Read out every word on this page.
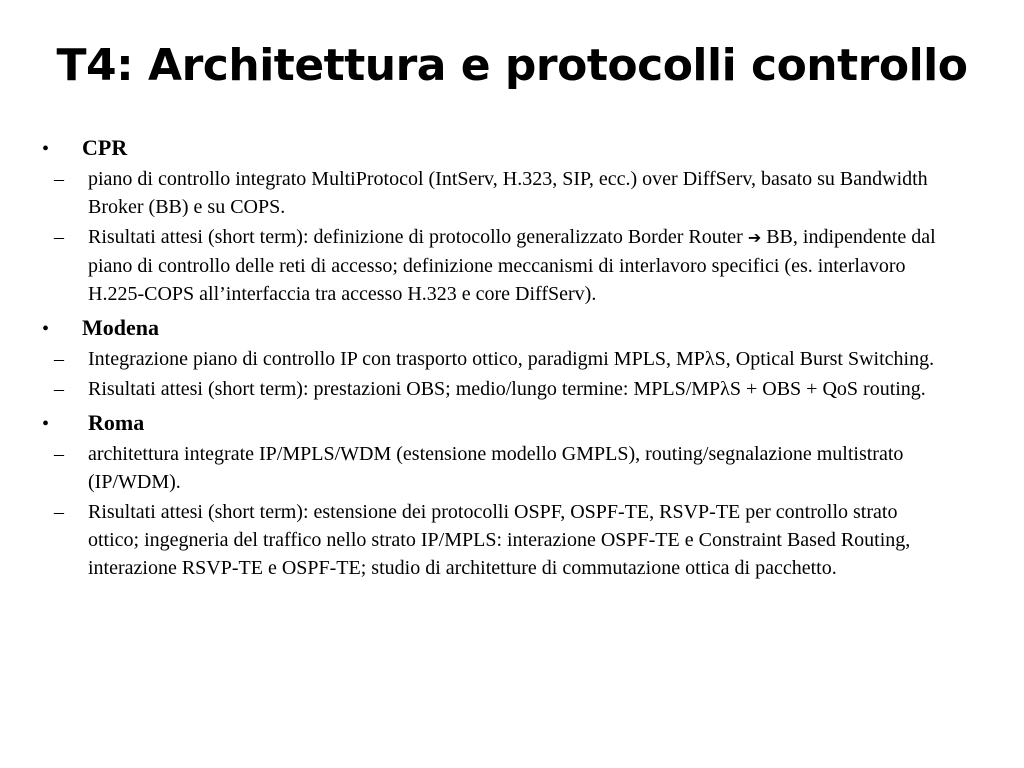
T4: Architettura e protocolli controllo
•	CPR
–	piano di controllo integrato MultiProtocol (IntServ, H.323, SIP, ecc.) over DiffServ, basato su Bandwidth Broker (BB) e su COPS.
–	Risultati attesi (short term): definizione di protocollo generalizzato Border Router ➔ BB, indipendente dal piano di controllo delle reti di accesso; definizione meccanismi di interlavoro specifici (es. interlavoro H.225-COPS all’interfaccia tra accesso H.323 e core DiffServ).
•	Modena
–	Integrazione piano di controllo IP con trasporto ottico, paradigmi MPLS, MPλS, Optical Burst Switching.
–	Risultati attesi (short term): prestazioni OBS; medio/lungo termine: MPLS/MPλS + OBS + QoS routing.
•	Roma
–	architettura integrate IP/MPLS/WDM (estensione modello GMPLS), routing/segnalazione multistrato (IP/WDM).
–	Risultati attesi (short term): estensione dei protocolli OSPF, OSPF-TE, RSVP-TE per controllo strato ottico; ingegneria del traffico nello strato IP/MPLS: interazione OSPF-TE e Constraint Based Routing, interazione RSVP-TE e OSPF-TE; studio di architetture di commutazione ottica di pacchetto.
